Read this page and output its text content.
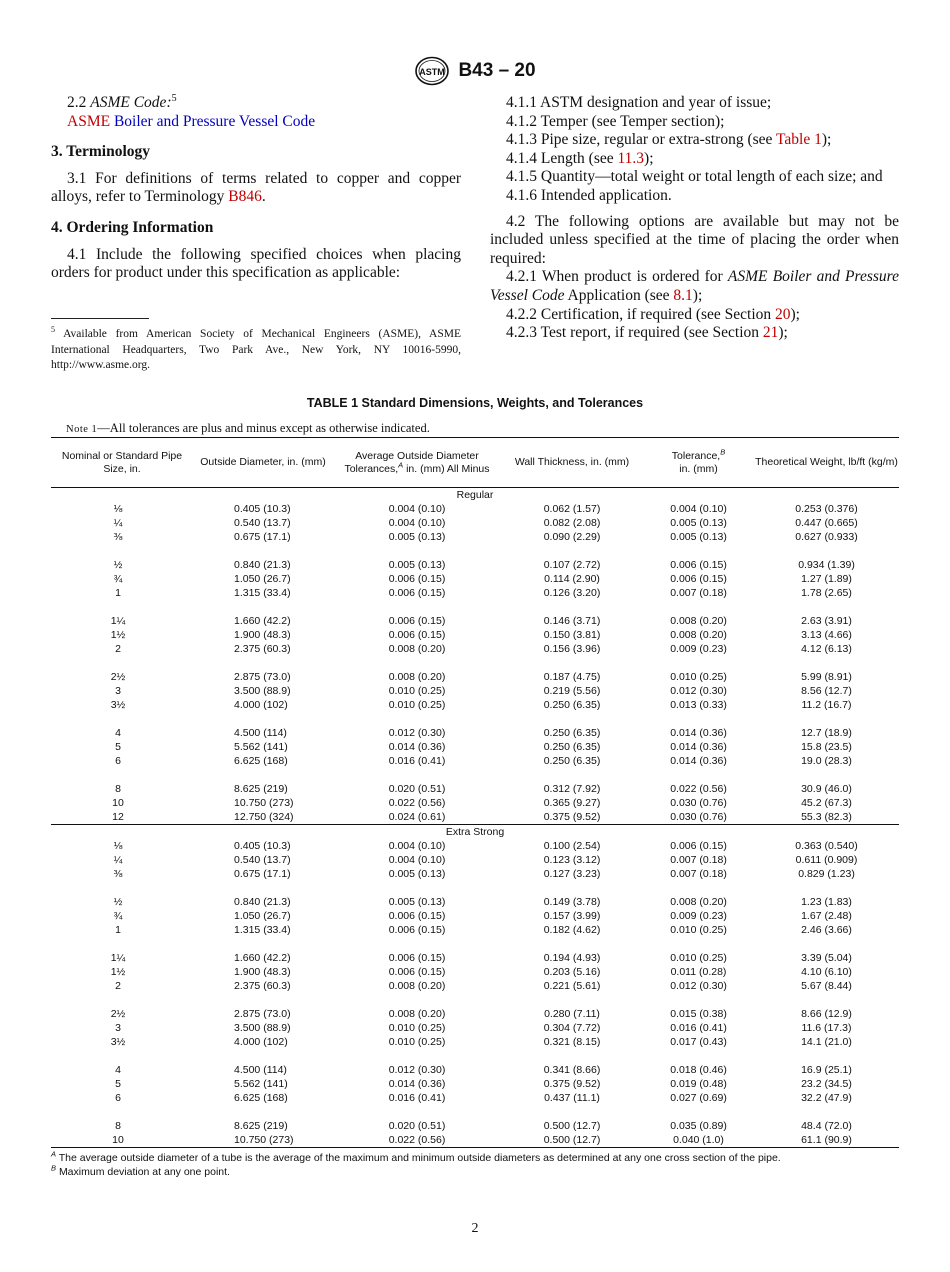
ASTM B43 – 20

2.2 ASME Code:$^5$

ASME Boiler and Pressure Vessel Code

3. Terminology

3.1 For definitions of terms related to copper and copper alloys, refer to Terminology B846.

4. Ordering Information

4.1 Include the following specified choices when placing orders for product under this specification as applicable:

$^5$ Available from American Society of Mechanical Engineers (ASME), ASME International Headquarters, Two Park Ave., New York, NY 10016-5990, http://www.asme.org.

4.1.1 ASTM designation and year of issue;

4.1.2 Temper (see Temper section);

4.1.3 Pipe size, regular or extra-strong (see Table 1);

4.1.4 Length (see 11.3);

4.1.5 Quantity—total weight or total length of each size; and

4.1.6 Intended application.

4.2 The following options are available but may not be included unless specified at the time of placing the order when required:

4.2.1 When product is ordered for ASME Boiler and Pressure Vessel Code Application (see 8.1);

4.2.2 Certification, if required (see Section 20);

4.2.3 Test report, if required (see Section 21);

TABLE 1 Standard Dimensions, Weights, and Tolerances
Note 1—All tolerances are plus and minus except as otherwise indicated.
Nominal or Standard Pipe Size, in.	Outside Diameter, in. (mm)	Average Outside Diameter Tolerances,$^A$ in. (mm) All Minus	Wall Thickness, in. (mm)	Tolerance,$^B$
in. (mm)	Theoretical Weight, lb/ft (kg/m)
Regular					
⅛	0.405 (10.3)	0.004 (0.10)	0.062 (1.57)	0.004 (0.10)	0.253 (0.376)
¼	0.540 (13.7)	0.004 (0.10)	0.082 (2.08)	0.005 (0.13)	0.447 (0.665)
⅜	0.675 (17.1)	0.005 (0.13)	0.090 (2.29)	0.005 (0.13)	0.627 (0.933)

½	0.840 (21.3)	0.005 (0.13)	0.107 (2.72)	0.006 (0.15)	0.934 (1.39)
¾	1.050 (26.7)	0.006 (0.15)	0.114 (2.90)	0.006 (0.15)	1.27 (1.89)
1	1.315 (33.4)	0.006 (0.15)	0.126 (3.20)	0.007 (0.18)	1.78 (2.65)

1¼	1.660 (42.2)	0.006 (0.15)	0.146 (3.71)	0.008 (0.20)	2.63 (3.91)
1½	1.900 (48.3)	0.006 (0.15)	0.150 (3.81)	0.008 (0.20)	3.13 (4.66)
2	2.375 (60.3)	0.008 (0.20)	0.156 (3.96)	0.009 (0.23)	4.12 (6.13)

2½	2.875 (73.0)	0.008 (0.20)	0.187 (4.75)	0.010 (0.25)	5.99 (8.91)
3	3.500 (88.9)	0.010 (0.25)	0.219 (5.56)	0.012 (0.30)	8.56 (12.7)
3½	4.000 (102)	0.010 (0.25)	0.250 (6.35)	0.013 (0.33)	11.2 (16.7)

4	4.500 (114)	0.012 (0.30)	0.250 (6.35)	0.014 (0.36)	12.7 (18.9)
5	5.562 (141)	0.014 (0.36)	0.250 (6.35)	0.014 (0.36)	15.8 (23.5)
6	6.625 (168)	0.016 (0.41)	0.250 (6.35)	0.014 (0.36)	19.0 (28.3)

8	8.625 (219)	0.020 (0.51)	0.312 (7.92)	0.022 (0.56)	30.9 (46.0)
10	10.750 (273)	0.022 (0.56)	0.365 (9.27)	0.030 (0.76)	45.2 (67.3)
12	12.750 (324)	0.024 (0.61)	0.375 (9.52)	0.030 (0.76)	55.3 (82.3)
Extra Strong					
⅛	0.405 (10.3)	0.004 (0.10)	0.100 (2.54)	0.006 (0.15)	0.363 (0.540)
¼	0.540 (13.7)	0.004 (0.10)	0.123 (3.12)	0.007 (0.18)	0.611 (0.909)
⅜	0.675 (17.1)	0.005 (0.13)	0.127 (3.23)	0.007 (0.18)	0.829 (1.23)

½	0.840 (21.3)	0.005 (0.13)	0.149 (3.78)	0.008 (0.20)	1.23 (1.83)
¾	1.050 (26.7)	0.006 (0.15)	0.157 (3.99)	0.009 (0.23)	1.67 (2.48)
1	1.315 (33.4)	0.006 (0.15)	0.182 (4.62)	0.010 (0.25)	2.46 (3.66)

1¼	1.660 (42.2)	0.006 (0.15)	0.194 (4.93)	0.010 (0.25)	3.39 (5.04)
1½	1.900 (48.3)	0.006 (0.15)	0.203 (5.16)	0.011 (0.28)	4.10 (6.10)
2	2.375 (60.3)	0.008 (0.20)	0.221 (5.61)	0.012 (0.30)	5.67 (8.44)

2½	2.875 (73.0)	0.008 (0.20)	0.280 (7.11)	0.015 (0.38)	8.66 (12.9)
3	3.500 (88.9)	0.010 (0.25)	0.304 (7.72)	0.016 (0.41)	11.6 (17.3)
3½	4.000 (102)	0.010 (0.25)	0.321 (8.15)	0.017 (0.43)	14.1 (21.0)

4	4.500 (114)	0.012 (0.30)	0.341 (8.66)	0.018 (0.46)	16.9 (25.1)
5	5.562 (141)	0.014 (0.36)	0.375 (9.52)	0.019 (0.48)	23.2 (34.5)
6	6.625 (168)	0.016 (0.41)	0.437 (11.1)	0.027 (0.69)	32.2 (47.9)

8	8.625 (219)	0.020 (0.51)	0.500 (12.7)	0.035 (0.89)	48.4 (72.0)
10	10.750 (273)	0.022 (0.56)	0.500 (12.7)	0.040 (1.0)	61.1 (90.9)
$^A$ The average outside diameter of a tube is the average of the maximum and minimum outside diameters as determined at any one cross section of the pipe.
$^B$ Maximum deviation at any one point.
2
